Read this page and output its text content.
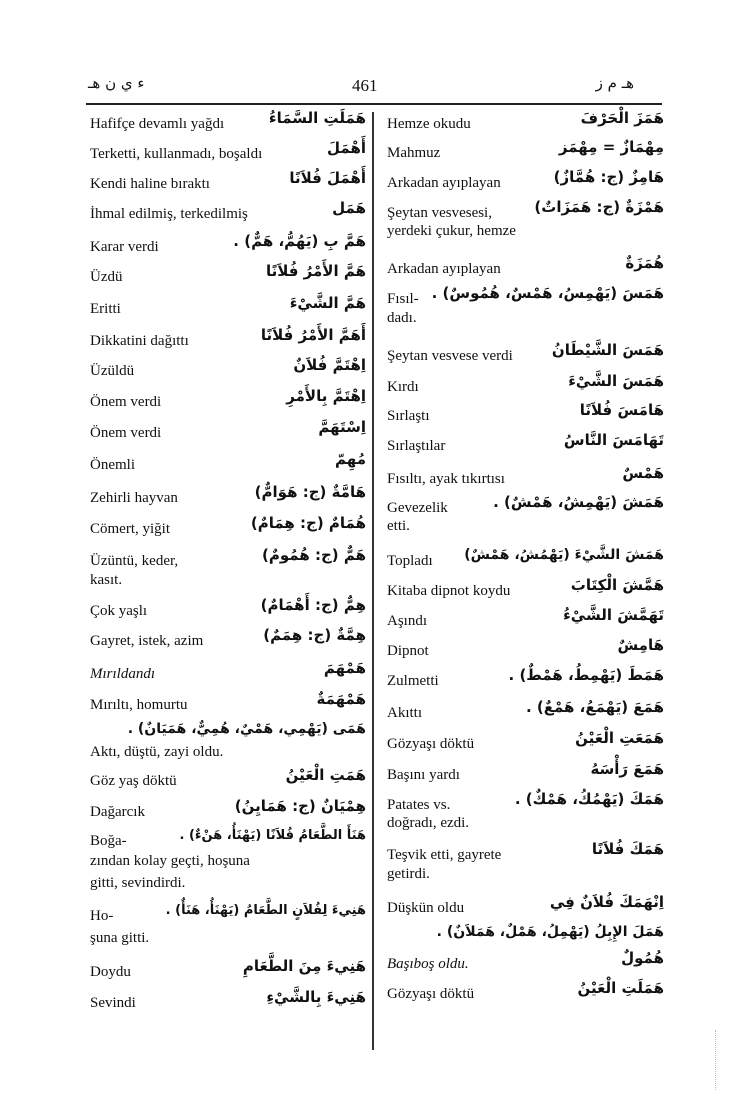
ء ي ن هـ	461	هـ م ز
Hafifçe devamlı yağdı	هَمَلَتِ السَّمَاءُ
Terketti, kullanmadı, boşaldı	أَهْمَلَ
Kendi haline bıraktı	أَهْمَلَ فُلاَنًا
İhmal edilmiş, terkedilmiş	هَمَل
Karar verdi	هَمَّ بِ (يَهُمُّ، هَمٌّ) .
Üzdü	هَمَّ الأَمْرُ فُلاَنًا
Eritti	هَمَّ الشَّيْءَ
Dikkatini dağıttı	أَهَمَّ الأَمْرُ فُلاَنًا
Üzüldü	اِهْتَمَّ فُلاَنٌ
Önem verdi	اِهْتَمَّ بِالأَمْرِ
Önem verdi	اِسْتَهَمَّ
Önemli	مُهِمّ
Zehirli hayvan	هَامَّةٌ (ج: هَوَامٌّ)
Cömert, yiğit	هُمَامٌ (ج: هِمَامٌ)
Üzüntü, keder,	هَمٌّ (ج: هُمُومٌ)
kasıt.
Çok yaşlı	هِمٌّ (ج: أَهْمَامٌ)
Gayret, istek, azim	هِمَّةٌ (ج: هِمَمٌ)
Mırıldandı	هَمْهَمَ
Mırıltı, homurtu	هَمْهَمَةٌ
هَمَى (يَهْمِي، هَمْيٌ، هُمِيٌّ، هَمَيَانٌ) .
Aktı, düştü, zayi oldu.
Göz yaş döktü	هَمَتِ الْعَيْنُ
Dağarcık	هِمْيَانٌ (ج: هَمَايِنُ)
Boğa-	هَنَأَ الطَّعَامُ فُلاَنًا (يَهْنَأُ، هَنْءٌ) .
zından kolay geçti, hoşuna
gitti, sevindirdi.
Ho-	هَنِيءَ لِفُلاَنٍ الطَّعَامُ (يَهْنَأُ، هَنَأٌ) .
şuna gitti.
Doydu	هَنِيءَ مِنَ الطَّعَامِ
Sevindi	هَنِيءَ بِالشَّيْءِ
Hemze okudu	هَمَزَ الْحَرْفَ
Mahmuz	مِهْمَازٌ = مِهْمَز
Arkadan ayıplayan	هَامِزٌ (ج: هُمَّازٌ)
Şeytan vesvesesi,	هَمْزَةٌ (ج: هَمَزَاتٌ)
yerdeki çukur, hemze
Arkadan ayıplayan	هُمَزَةٌ
Fısıl- هَمَسَ (يَهْمِسُ، هَمْسٌ، هُمُوسٌ) .
dadı.
Şeytan vesvese verdi	هَمَسَ الشَّيْطَانُ
Kırdı	هَمَسَ الشَّيْءَ
Sırlaştı	هَامَسَ فُلاَنًا
Sırlaştılar	تَهَامَسَ النَّاسُ
Fısıltı, ayak tıkırtısı	هَمْسٌ
Gevezelik	هَمَشَ (يَهْمِشُ، هَمْشٌ) .
etti.
Topladı هَمَشَ الشَّيْءَ (يَهْمُشُ، هَمْشٌ)
Kitaba dipnot koydu	هَمَّشَ الْكِتَابَ
Aşındı	تَهَمَّشَ الشَّيْءُ
Dipnot	هَامِشٌ
Zulmetti	هَمَطَ (يَهْمِطُ، هَمْطٌ) .
Akıttı	هَمَعَ (يَهْمَعُ، هَمْعٌ) .
Gözyaşı döktü	هَمَعَتِ الْعَيْنُ
Başını yardı	هَمَعَ رَأْسَهُ
Patates vs.	هَمَكَ (يَهْمُكُ، هَمْكٌ) .
doğradı, ezdi.
Teşvik etti, gayrete	هَمَكَ فُلاَنًا
getirdi.
Düşkün oldu	اِنْهَمَكَ فُلاَنٌ فِي
هَمَلَ الإِبِلُ (يَهْمِلُ، هَمْلٌ، هَمَلاَنٌ) .
Başıboş oldu.	هُمُولٌ
Gözyaşı döktü	هَمَلَتِ الْعَيْنُ
